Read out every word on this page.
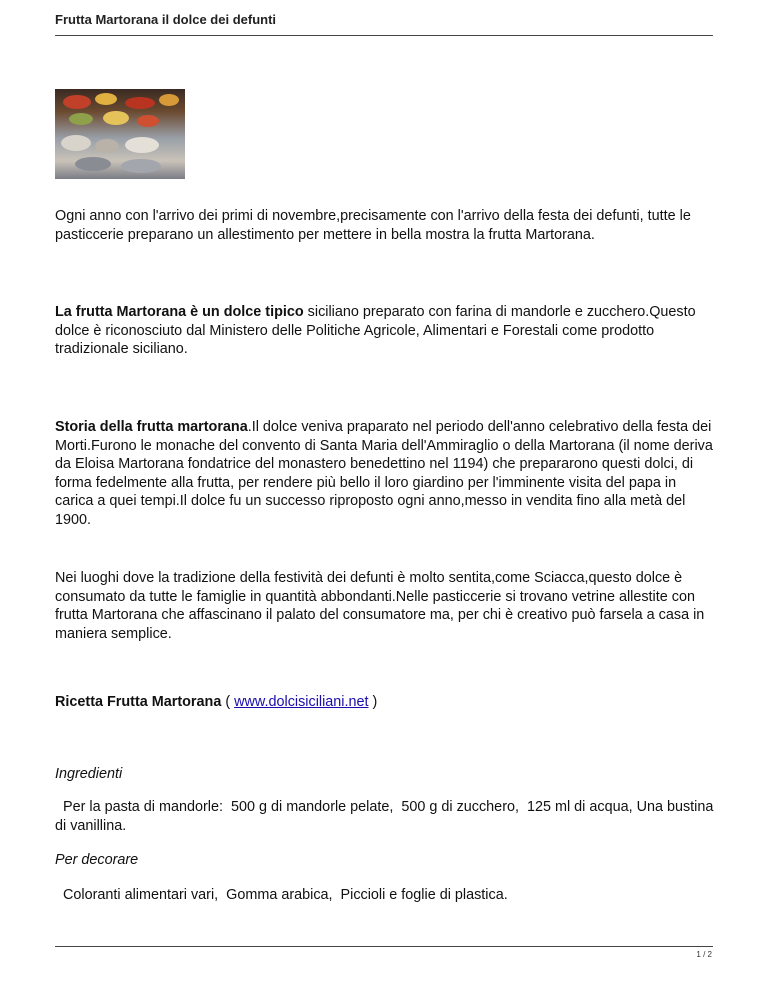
Frutta Martorana il dolce dei defunti

Ogni anno con l'arrivo dei primi di novembre,precisamente con l'arrivo della festa dei defunti, tutte le pasticcerie preparano un allestimento per mettere in bella mostra la frutta Martorana.

La frutta Martorana è un dolce tipico siciliano preparato con farina di mandorle e zucchero.Questo dolce è riconosciuto dal Ministero delle Politiche Agricole, Alimentari e Forestali come prodotto tradizionale siciliano.

Storia della frutta martorana.Il dolce veniva praparato nel periodo dell'anno celebrativo della festa dei Morti.Furono le monache del convento di Santa Maria dell'Ammiraglio o della Martorana (il nome deriva da Eloisa Martorana fondatrice del monastero benedettino nel 1194) che prepararono questi dolci, di forma fedelmente alla frutta, per rendere più bello il loro giardino per l'imminente visita del papa in carica a quei tempi.Il dolce fu un successo riproposto ogni anno,messo in vendita fino alla metà del 1900.

Nei luoghi dove la tradizione della festività dei defunti è molto sentita,come Sciacca,questo dolce è consumato da tutte le famiglie in quantità abbondanti.Nelle pasticcerie si trovano vetrine allestite con frutta Martorana che affascinano il palato del consumatore ma, per chi è creativo può farsela a casa in maniera semplice.

Ricetta Frutta Martorana ( www.dolcisiciliani.net )

Ingredienti

Per la pasta di mandorle:  500 g di mandorle pelate,  500 g di zucchero,  125 ml di acqua, Una bustina di vanillina.

Per decorare

Coloranti alimentari vari,  Gomma arabica,  Piccioli e foglie di plastica.

1 / 2
